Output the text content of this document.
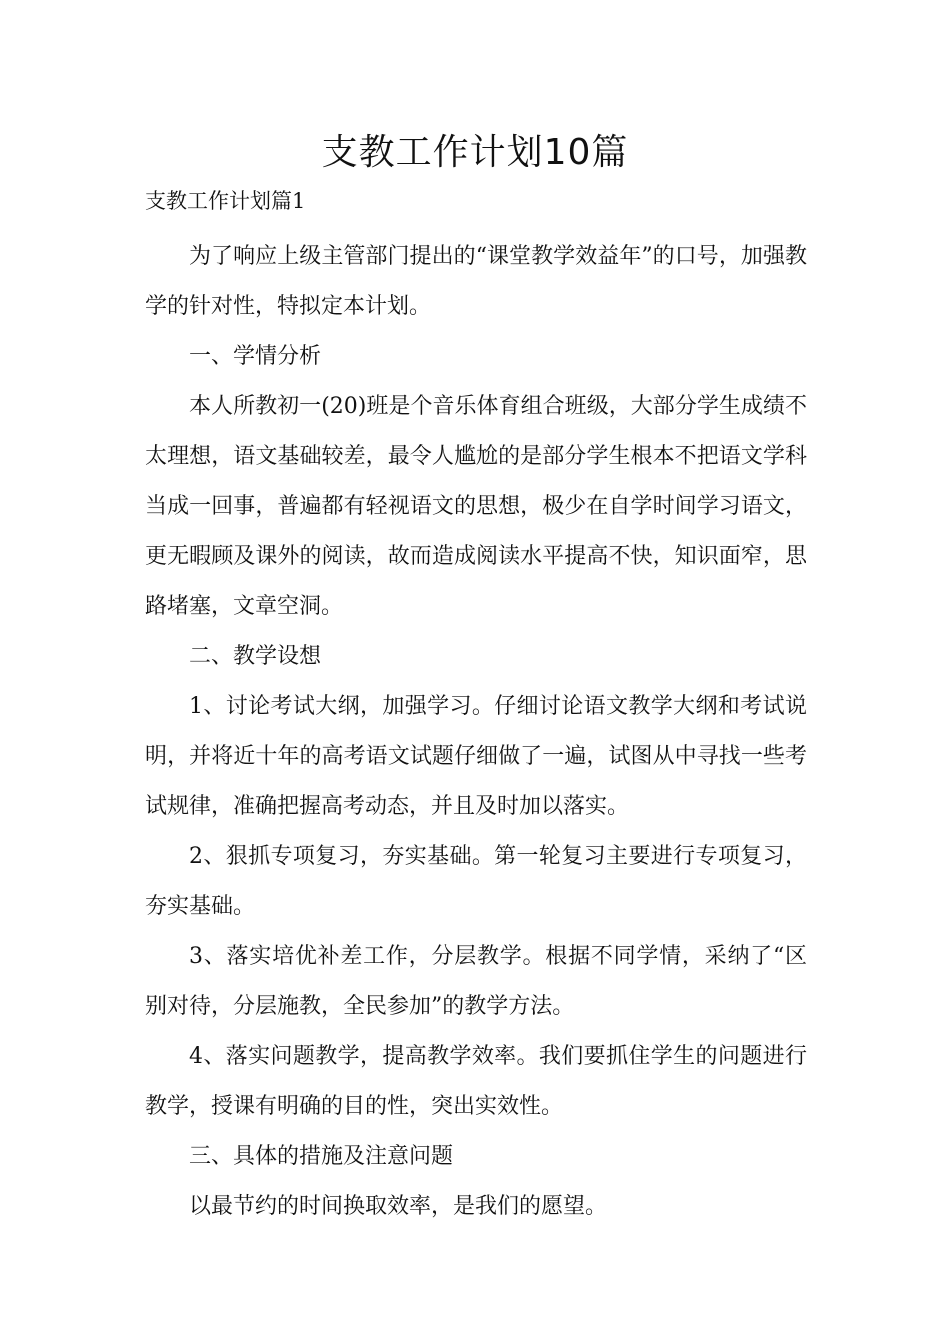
支教工作计划10篇
支教工作计划篇1

为了响应上级主管部门提出的“课堂教学效益年”的口号，加强教学的针对性，特拟定本计划。

一、学情分析

本人所教初一(20)班是个音乐体育组合班级，大部分学生成绩不太理想，语文基础较差，最令人尴尬的是部分学生根本不把语文学科当成一回事，普遍都有轻视语文的思想，极少在自学时间学习语文，更无暇顾及课外的阅读，故而造成阅读水平提高不快，知识面窄，思路堵塞，文章空洞。

二、教学设想

1、讨论考试大纲，加强学习。仔细讨论语文教学大纲和考试说明，并将近十年的高考语文试题仔细做了一遍，试图从中寻找一些考试规律，准确把握高考动态，并且及时加以落实。

2、狠抓专项复习，夯实基础。第一轮复习主要进行专项复习，夯实基础。

3、落实培优补差工作，分层教学。根据不同学情，采纳了“区别对待，分层施教，全民参加”的教学方法。

4、落实问题教学，提高教学效率。我们要抓住学生的问题进行教学，授课有明确的目的性，突出实效性。

三、具体的措施及注意问题

以最节约的时间换取效率，是我们的愿望。
